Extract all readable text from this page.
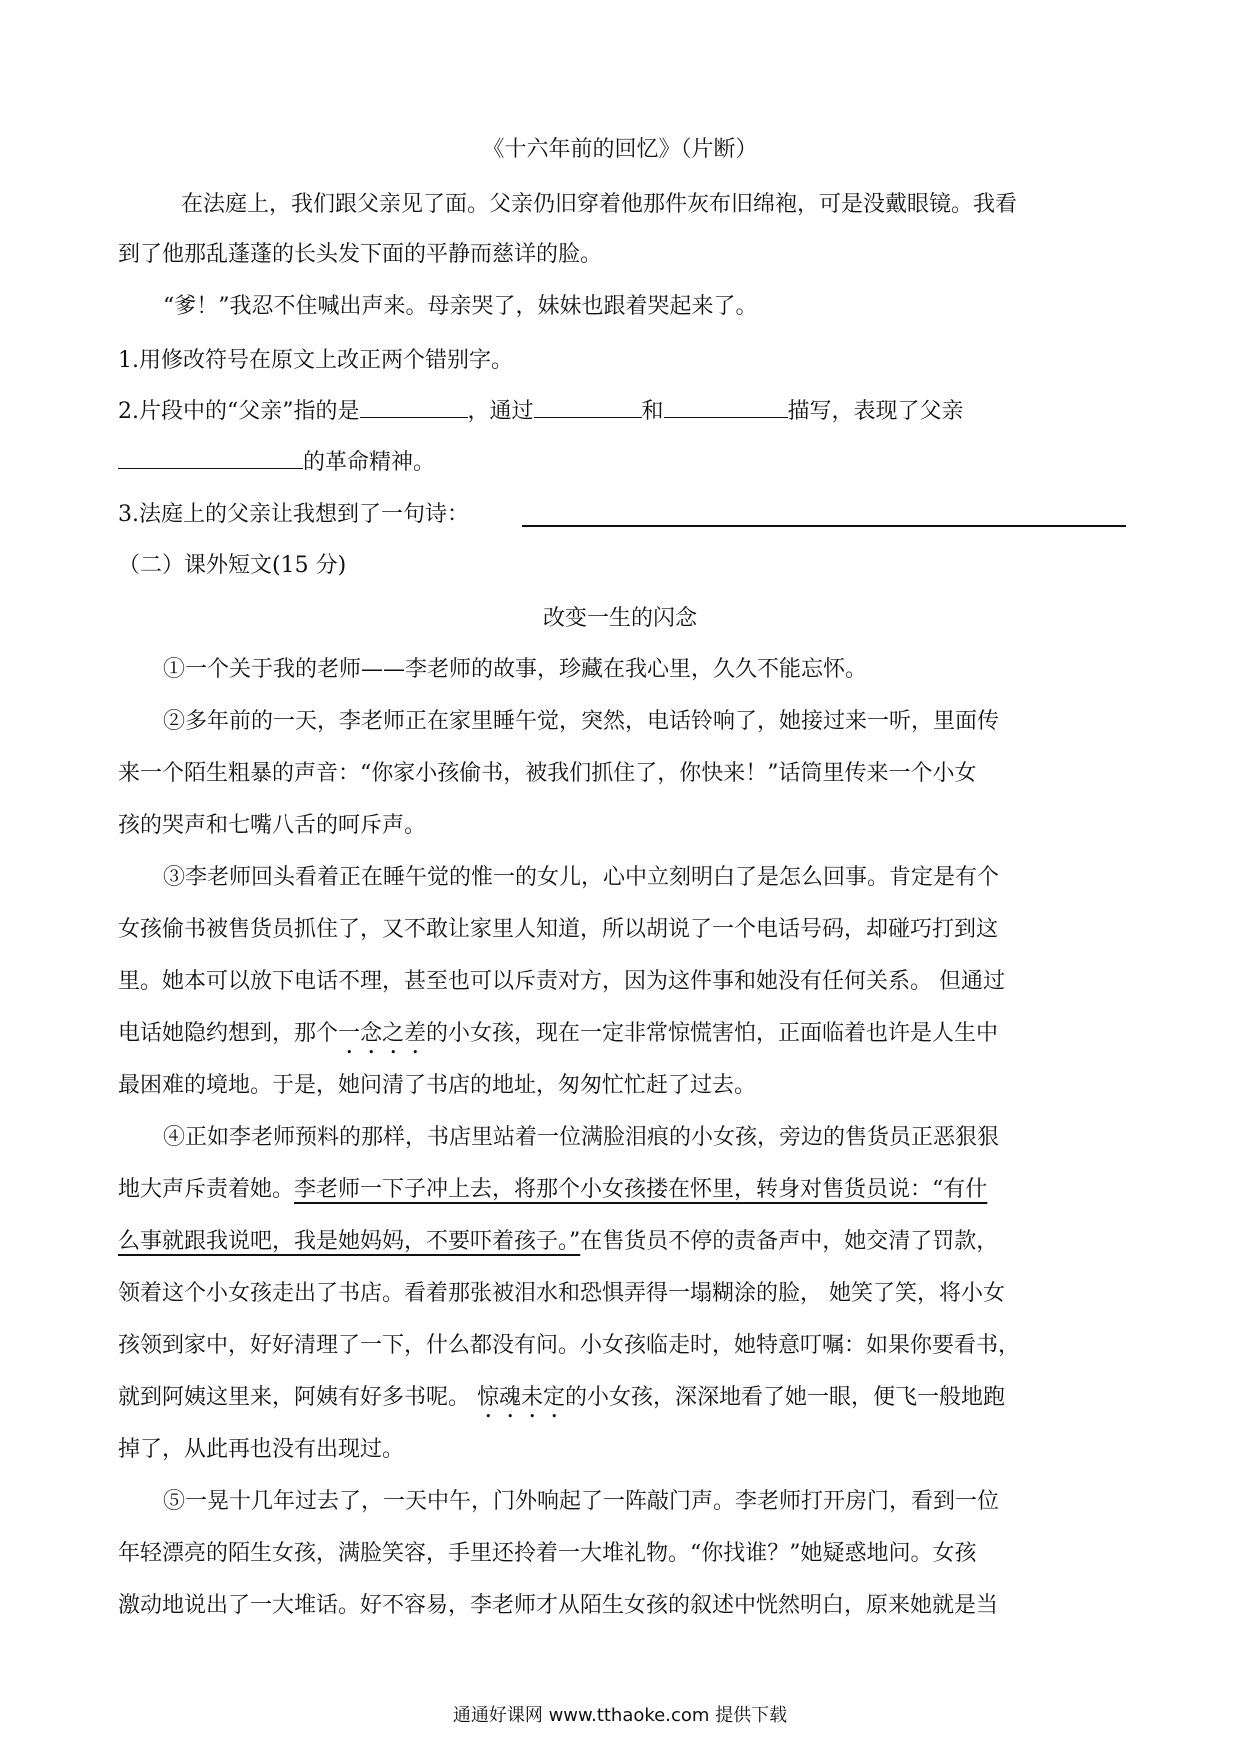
《十六年前的回忆》（片断）
在法庭上，我们跟父亲见了面。父亲仍旧穿着他那件灰布旧绵袍，可是没戴眼镜。我看
到了他那乱蓬蓬的长头发下面的平静而慈详的脸。
“爹！”我忍不住喊出声来。母亲哭了，妹妹也跟着哭起来了。
1.用修改符号在原文上改正两个错别字。
2.片段中的“父亲”指的是	，通过	和	描写，表现了父亲
的革命精神。
3.法庭上的父亲让我想到了一句诗：
（二）课外短文(15 分)
改变一生的闪念
①一个关于我的老师——李老师的故事，珍藏在我心里，久久不能忘怀。
②多年前的一天，李老师正在家里睡午觉，突然，电话铃响了，她接过来一听，里面传
来一个陌生粗暴的声音：“你家小孩偷书，被我们抓住了，你快来！”话筒里传来一个小女
孩的哭声和七嘴八舌的呵斥声。
③李老师回头看着正在睡午觉的惟一的女儿，心中立刻明白了是怎么回事。肯定是有个
女孩偷书被售货员抓住了，又不敢让家里人知道，所以胡说了一个电话号码，却碰巧打到这
里。她本可以放下电话不理，甚至也可以斥责对方，因为这件事和她没有任何关系。 但通过
电话她隐约想到，那个一念之差的小女孩，现在一定非常惊慌害怕，正面临着也许是人生中
最困难的境地。于是，她问清了书店的地址，匆匆忙忙赶了过去。
④正如李老师预料的那样，书店里站着一位满脸泪痕的小女孩，旁边的售货员正恶狠狠
地大声斥责着她。李老师一下子冲上去，将那个小女孩搂在怀里，转身对售货员说：“有什
么事就跟我说吧，我是她妈妈，不要吓着孩子。”在售货员不停的责备声中，她交清了罚款，
领着这个小女孩走出了书店。看着那张被泪水和恐惧弄得一塌糊涂的脸， 她笑了笑，将小女
孩领到家中，好好清理了一下，什么都没有问。小女孩临走时，她特意叮嘱：如果你要看书，
就到阿姨这里来，阿姨有好多书呢。 惊魂未定的小女孩，深深地看了她一眼，便飞一般地跑
掉了，从此再也没有出现过。
⑤一晃十几年过去了，一天中午，门外响起了一阵敲门声。李老师打开房门，看到一位
年轻漂亮的陌生女孩，满脸笑容，手里还拎着一大堆礼物。“你找谁？”她疑惑地问。女孩
激动地说出了一大堆话。好不容易，李老师才从陌生女孩的叙述中恍然明白，原来她就是当
通通好课网 www.tthaoke.com 提供下载
